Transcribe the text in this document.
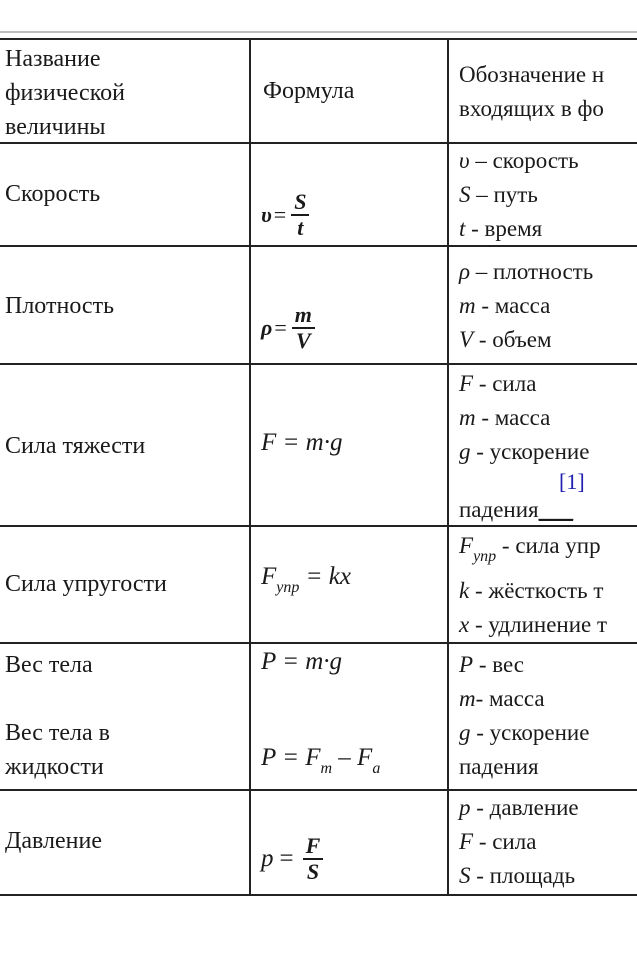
Название
физической
величины
Формула
Обозначение н
входящих в фо
Скорость
$\upsilon = \frac{S}{t}$
υ – скорость
S – путь
t - время
Плотность
$\rho = \frac{m}{V}$
ρ – плотность
m - масса
V - объем
Сила тяжести	F = m·g
F - сила
m - масса
g - ускорение
[1]
падения___
Сила упругости	$F_{упр}$ = kx
$F_{упр}$ - сила упр
k - жёсткость т
x - удлинение т
Вес тела
Вес тела в
жидкости
P = m·g
$P = F_т - F_а$
P - вес
m- масса
g - ускорение
падения
Давление
$p = \frac{F}{S}$
p - давление
F - сила
S - площадь
